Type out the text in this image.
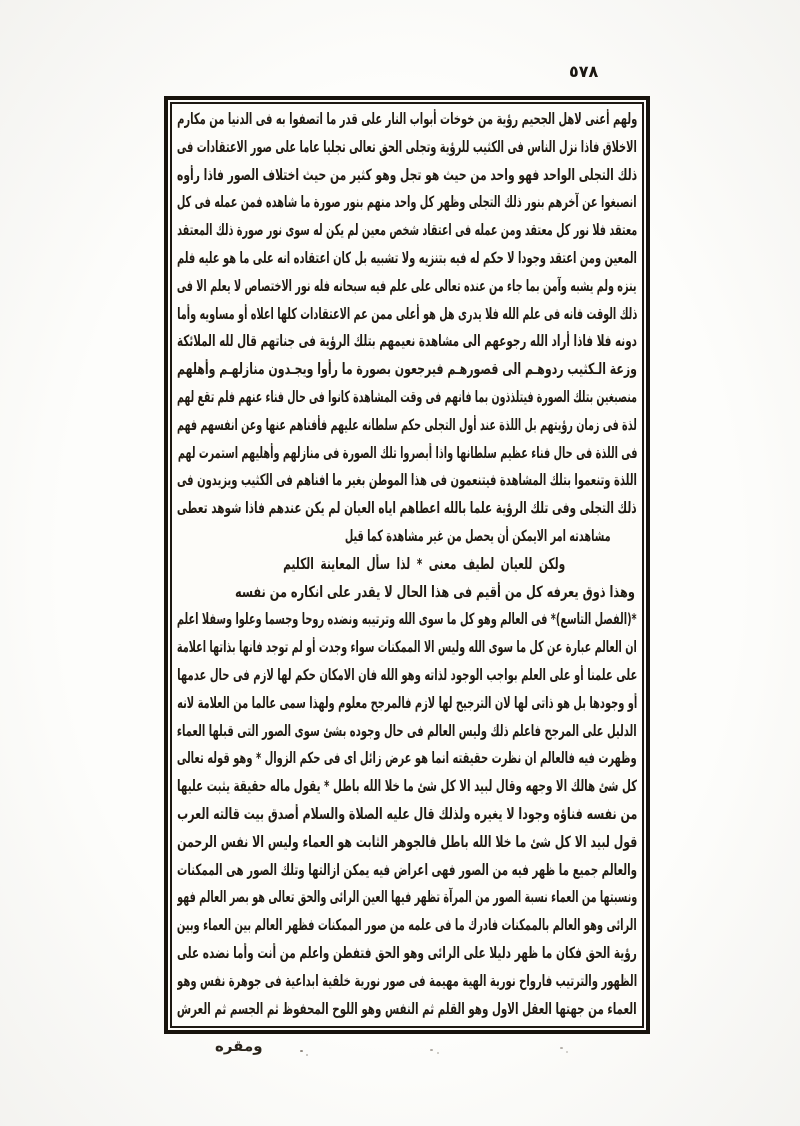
٥٧٨
ولهم أعنى لاهل الجحيم رؤية من خوخات أبواب النار على قدر ما اتصفوا به فى الدنيا من مكارم
الاخلاق فاذا نزل الناس فى الكثيب للرؤية وتجلى الحق تعالى تجليا عاما على صور الاعتقادات فى
ذلك التجلى الواحد فهو واحد من حيث هو تجل وهو كثير من حيث اختلاف الصور فاذا رأوه
انصبغوا عن آخرهم بنور ذلك التجلى وظهر كل واحد منهم بنور صورة ما شاهده فمن عمله فى كل
معتقد فلا نور كل معتقد ومن عمله فى اعتقاد شخص معين لم يكن له سوى نور صورة ذلك المعتقد
المعين ومن اعتقد وجودا لا حكم له فيه بتنزيه ولا تشبيه بل كان اعتقاده انه على ما هو عليه فلم
ينزه ولم يشبه وآمن بما جاء من عنده تعالى على علم فيه سبحانه فله نور الاختصاص لا يعلم الا فى
ذلك الوقت فانه فى علم الله فلا يدرى هل هو أعلى ممن عم الاعتقادات كلها اعلاه أو مساويه وأما
دونه فلا فاذا أراد الله رجوعهم الى مشاهدة نعيمهم بتلك الرؤية فى جناتهم قال لله الملائكة
وزعة الـكثيب ردوهـم الى قصورهـم فيرجعون بصورة ما رأوا ويجـدون منازلهـم وأهلهم
منصبغين بتلك الصورة فيتلذذون بما فانهم فى وقت المشاهدة كانوا فى حال فناء عنهم فلم تقع لهم
لذة فى زمان رؤيتهم بل اللذة عند أول التجلى حكم سلطانه عليهم فأفناهم عنها وعن انفسهم فهم
فى اللذة فى حال فناء عظيم سلطانها واذا أبصروا تلك الصورة فى منازلهم وأهليهم استمرت لهم
اللذة وتنعموا بتلك المشاهدة فيتنعمون فى هذا الموطن بغير ما افناهم فى الكثيب ويزيدون فى
ذلك التجلى وفى تلك الرؤية علما بالله اعطاهم اياه العيان لم يكن عندهم فاذا شوهد تعطى
مشاهدته امر الايمكن أن يحصل من غير مشاهدة كما قيل
ولكن للعيان لطيف معنى * لذا سأل المعاينة الكليم
وهذا ذوق يعرفه كل من أقيم فى هذا الحال لا يقدر على انكاره من نفسه
*(الفصل التاسع)* فى العالم وهو كل ما سوى الله وترتيبه ونضده روحا وجسما وعلوا وسفلا اعلم
ان العالم عبارة عن كل ما سوى الله وليس الا الممكنات سواء وجدت أو لم توجد فانها بذاتها اعلامة
على علمنا أو على العلم بواجب الوجود لذاته وهو الله فان الامكان حكم لها لازم فى حال عدمها
أو وجودها بل هو ذاتى لها لان الترجيح لها لازم فالمرجح معلوم ولهذا سمى عالما من العلامة لانه
الدليل على المرجح فاعلم ذلك وليس العالم فى حال وجوده بشئ سوى الصور التى قبلها العماء
وظهرت فيه فالعالم ان نظرت حقيقته انما هو عرض زائل اى فى حكم الزوال * وهو قوله تعالى
كل شئ هالك الا وجهه وقال لبيد الا كل شئ ما خلا الله باطل * يقول ماله حقيقة يثبت عليها
من نفسه فناؤه وجودا لا يغيره ولذلك قال عليه الصلاة والسلام أصدق بيت قالته العرب
قول لبيد الا كل شئ ما خلا الله باطل فالجوهر الثابت هو العماء وليس الا نفس الرحمن
والعالم جميع ما ظهر فيه من الصور فهى اعراض فيه يمكن ازالتها وتلك الصور هى الممكنات
ونسبتها من العماء نسبة الصور من المرآة تظهر فيها العين الرائى والحق تعالى هو بصر العالم فهو
الرائى وهو العالم بالممكنات فادرك ما فى علمه من صور الممكنات فظهر العالم بين العماء وبين
رؤية الحق فكان ما ظهر دليلا على الرائى وهو الحق فتفطن واعلم من أنت وأما نضده على
الظهور والترتيب فارواح نورية الهية مهيمة فى صور نورية خلقية ابداعية فى جوهرة نفس وهو
العماء من جهتها العقل الاول وهو القلم ثم النفس وهو اللوح المحفوظ ثم الجسم ثم العرش
ومقره
